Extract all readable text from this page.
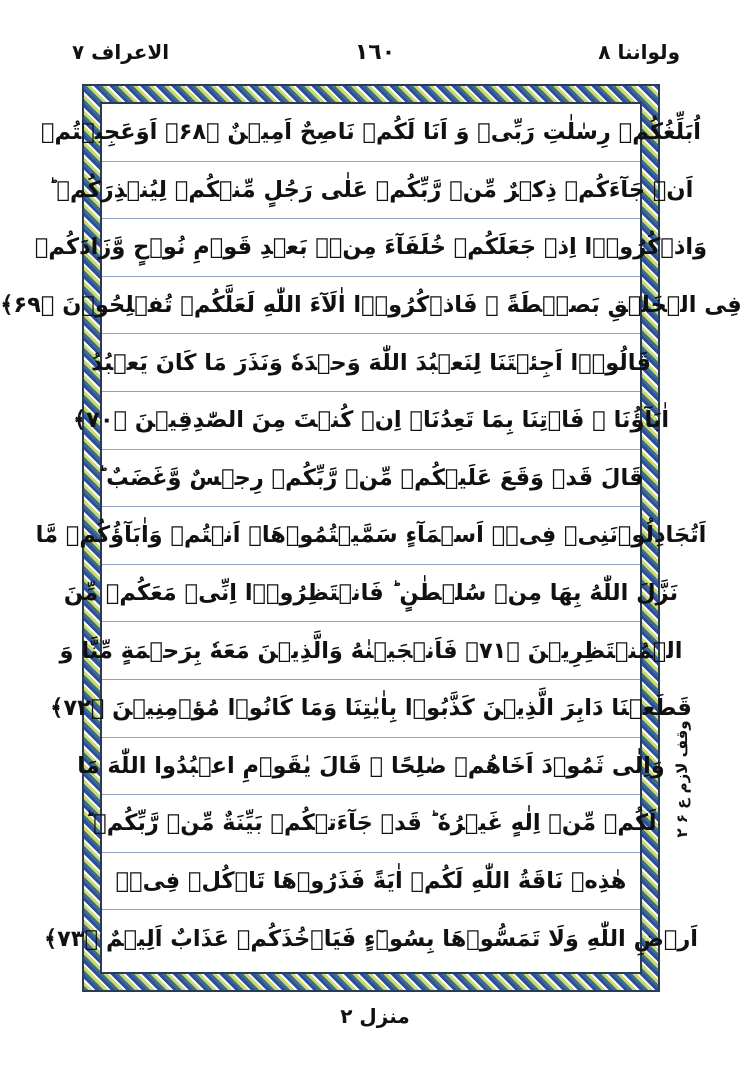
ولواننا ٨
١٦٠
الاعراف ٧
اُبَلِّغُكُمۡ رِسٰلٰتِ رَبِّیۡ وَ اَنَا لَكُمۡ نَاصِحٌ اَمِیۡنٌ ﴿۶۸﴾ اَوَعَجِبۡتُمۡ
اَنۡ جَآءَكُمۡ ذِكۡرٌ مِّنۡ رَّبِّكُمۡ عَلٰی رَجُلٍ مِّنۡكُمۡ لِیُنۡذِرَكُمۡ ؕ
وَاذۡكُرُوۡۤا اِذۡ جَعَلَكُمۡ خُلَفَآءَ مِنۡۢ بَعۡدِ قَوۡمِ نُوۡحٍ وَّزَادَكُمۡ
فِی الۡخَلۡقِ بَصۜۡطَةً ۚ فَاذۡكُرُوۡۤا اٰلَآءَ اللّٰهِ لَعَلَّكُمۡ تُفۡلِحُوۡنَ ﴿۶۹﴾
قَالُوۡۤا اَجِئۡتَنَا لِنَعۡبُدَ اللّٰهَ وَحۡدَهٗ وَنَذَرَ مَا كَانَ یَعۡبُدُ
اٰبَآؤُنَا ۚ فَاۡتِنَا بِمَا تَعِدُنَاۤ اِنۡ كُنۡتَ مِنَ الصّٰدِقِیۡنَ ﴿۷۰﴾
قَالَ قَدۡ وَقَعَ عَلَیۡكُمۡ مِّنۡ رَّبِّكُمۡ رِجۡسٌ وَّغَضَبٌ ؕ
اَتُجَادِلُوۡنَنِیۡ فِیۡۤ اَسۡمَآءٍ سَمَّیۡتُمُوۡهَاۤ اَنۡتُمۡ وَاٰبَآؤُكُمۡ مَّا
نَزَّلَ اللّٰهُ بِهَا مِنۡ سُلۡطٰنٍ ؕ فَانۡتَظِرُوۡۤا اِنِّیۡ مَعَكُمۡ مِّنَ
الۡمُنۡتَظِرِیۡنَ ﴿۷۱﴾ فَاَنۡجَیۡنٰهُ وَالَّذِیۡنَ مَعَهٗ بِرَحۡمَةٍ مِّنَّا وَ
قَطَعۡنَا دَابِرَ الَّذِیۡنَ كَذَّبُوۡا بِاٰیٰتِنَا وَمَا كَانُوۡا مُؤۡمِنِیۡنَ ﴿۷۲﴾
وَاِلٰی ثَمُوۡدَ اَخَاهُمۡ صٰلِحًا ۘ قَالَ یٰقَوۡمِ اعۡبُدُوا اللّٰهَ مَا
لَكُمۡ مِّنۡ اِلٰهٍ غَیۡرُهٗ ؕ قَدۡ جَآءَتۡكُمۡ بَیِّنَةٌ مِّنۡ رَّبِّكُمۡ ؕ
هٰذِهٖ نَاقَةُ اللّٰهِ لَكُمۡ اٰیَةً فَذَرُوۡهَا تَاۡكُلۡ فِیۡۤ
اَرۡضِ اللّٰهِ وَلَا تَمَسُّوۡهَا بِسُوۡٓءٍ فَیَاۡخُذَكُمۡ عَذَابٌ اَلِیۡمٌ ﴿۷۳﴾
وقف لازم ع ۶ ۲
منزل ۲
